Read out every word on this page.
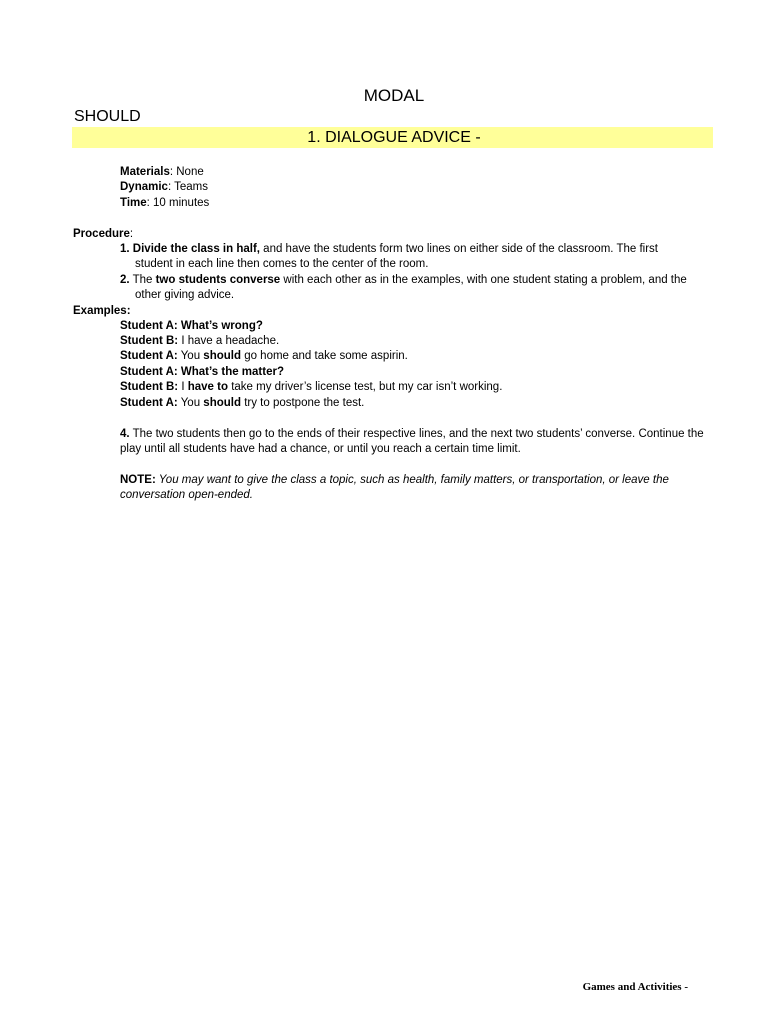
MODAL
SHOULD
1. DIALOGUE ADVICE -
Materials: None
Dynamic: Teams
Time: 10 minutes
Procedure:
1. Divide the class in half, and have the students form two lines on either side of the classroom. The first
student in each line then comes to the center of the room.
2. The two students converse with each other as in the examples, with one student stating a problem, and the
other giving advice.
Examples:
Student A: What’s wrong?
Student B: I have a headache.
Student A: You should go home and take some aspirin.
Student A: What’s the matter?
Student B: I have to take my driver’s license test, but my car isn’t working.
Student A: You should try to postpone the test.
4. The two students then go to the ends of their respective lines, and the next two students’ converse. Continue the
play until all students have had a chance, or until you reach a certain time limit.
NOTE: You may want to give the class a topic, such as health, family matters, or transportation, or leave the
conversation open-ended.
Games and Activities -
